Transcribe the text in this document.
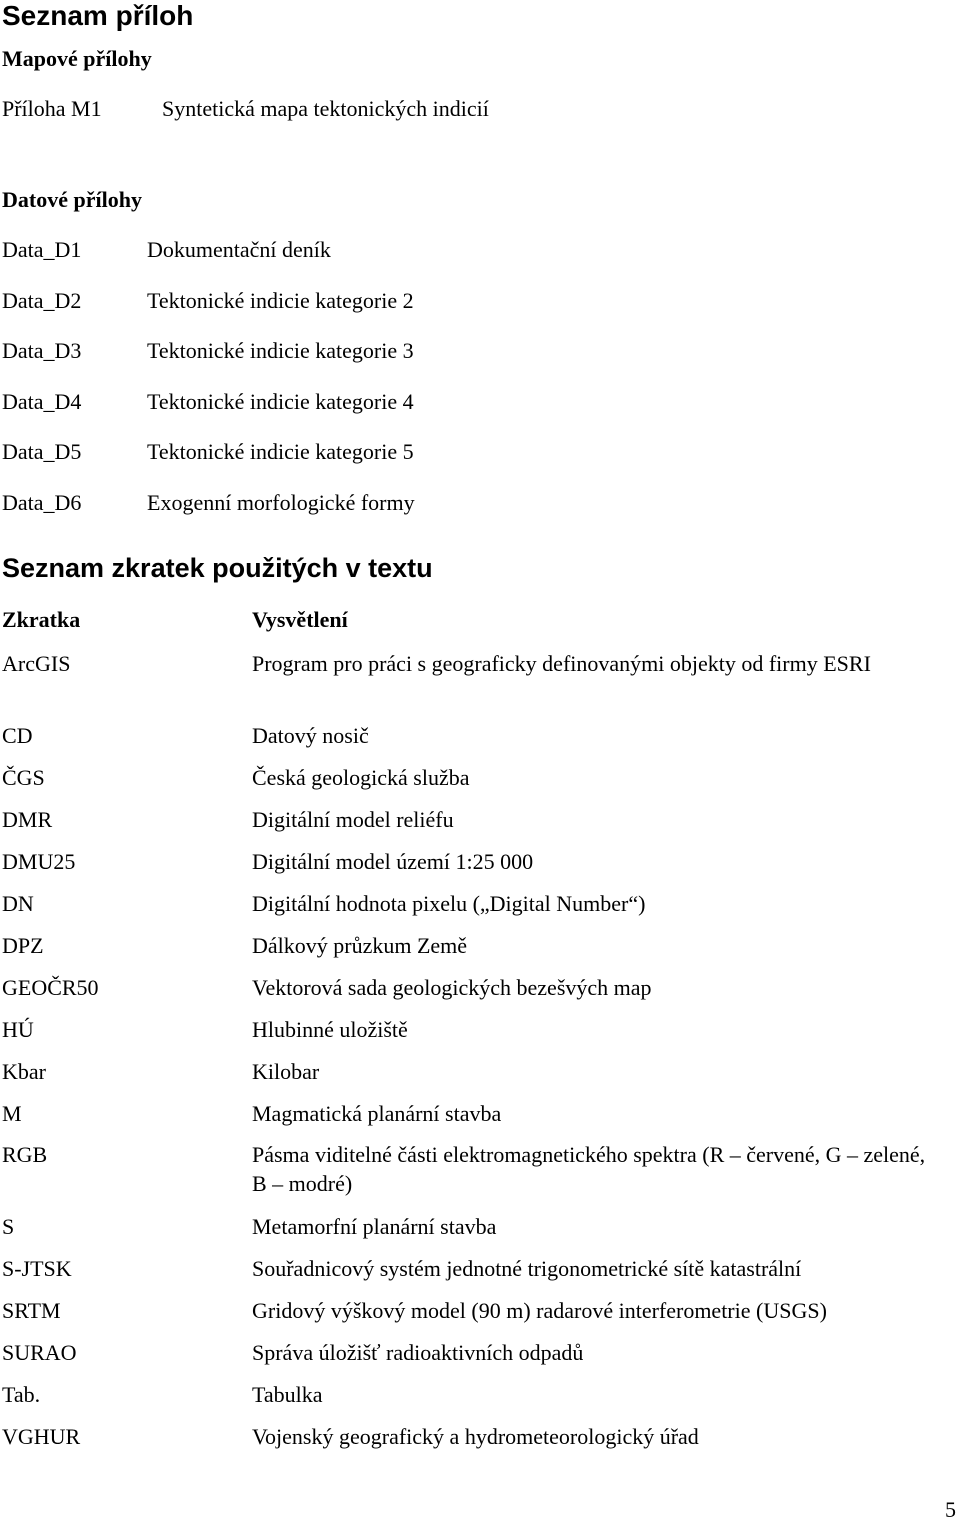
Seznam příloh
Mapové přílohy
Příloha M1	Syntetická mapa tektonických indicií
Datové přílohy
Data_D1	Dokumentační deník
Data_D2	Tektonické indicie kategorie 2
Data_D3	Tektonické indicie kategorie 3
Data_D4	Tektonické indicie kategorie 4
Data_D5	Tektonické indicie kategorie 5
Data_D6	Exogenní morfologické formy
Seznam zkratek použitých v textu
Zkratka	Vysvětlení
ArcGIS	Program pro práci s geograficky definovanými objekty od firmy ESRI
CD	Datový nosič
ČGS	Česká geologická služba
DMR	Digitální model reliéfu
DMU25	Digitální model území 1:25 000
DN	Digitální hodnota pixelu („Digital Number“)
DPZ	Dálkový průzkum Země
GEOČR50	Vektorová sada geologických bezešvých map
HÚ	Hlubinné uložiště
Kbar	Kilobar
M	Magmatická planární stavba
RGB	Pásma viditelné části elektromagnetického spektra (R – červené, G – zelené, B – modré)
S	Metamorfní planární stavba
S-JTSK	Souřadnicový systém jednotné trigonometrické sítě katastrální
SRTM	Gridový výškový model (90 m) radarové interferometrie (USGS)
SURAO	Správa úložišť radioaktivních odpadů
Tab.	Tabulka
VGHUR	Vojenský geografický a hydrometeorologický úřad
5
